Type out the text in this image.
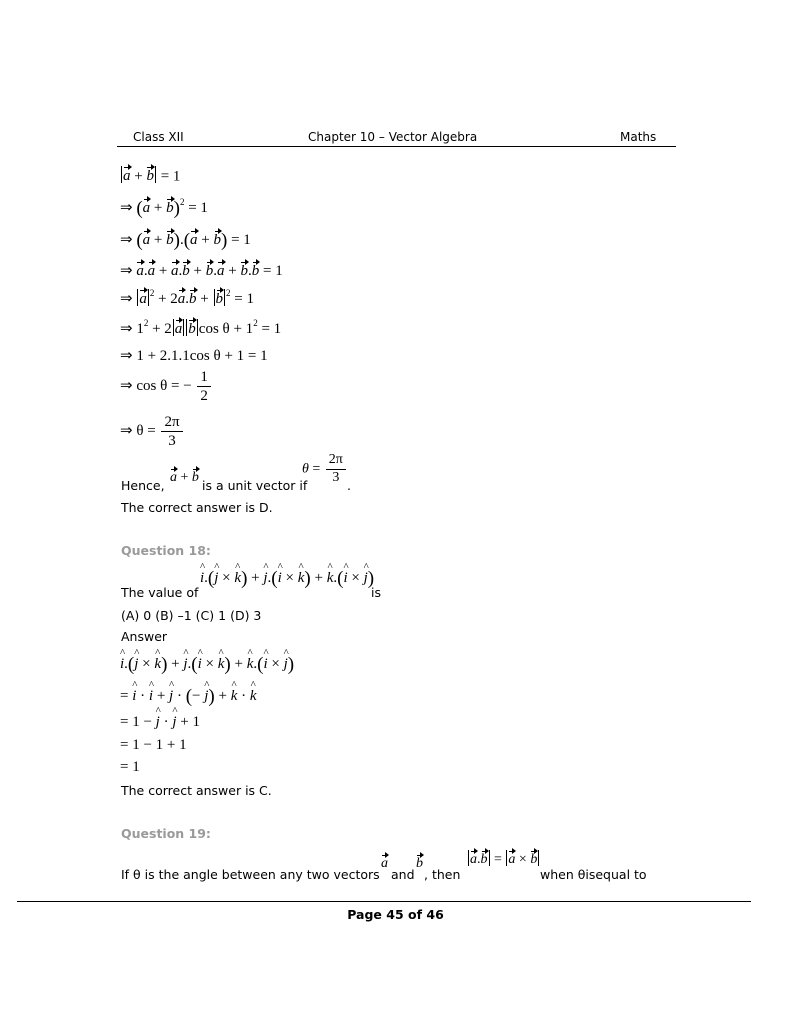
Class XII	Chapter 10 – Vector Algebra	Maths
a + b = 1
⇒ $(a + b)^2 = 1$
⇒ (a + b).(a + b) = 1
⇒ a.a + a.b + b.a + b.b = 1
⇒ a $^2$ + 2a.b + b $^2$ = 1
⇒ $1^2 + 2$ a b $\cos \theta + 1^2 = 1$
⇒ 1 + 2.1.1cos θ + 1 = 1
⇒ cos θ = − $\frac{1}{2}$
⇒ $\theta = \frac{2\pi}{3}$
Hence,
a + b
is a unit vector if
$\theta = \frac{2\pi}{3}$ .
The correct answer is D.
Question 18:
The value of
^ i.(^ j × ^ k) + ^ j.(^ i × ^ k) + ^ k.(^ i × ^ j)
is
(A) 0 (B) –1 (C) 1 (D) 3
Answer
^ i.(^ j × ^ k) + ^ j.(^ i × ^ k) + ^ k.(^ i × ^ j)
= ^ i · ^ i + ^ j · (− ^ j) + ^ k · ^ k
= 1 − ^ j · ^ j + 1
= 1 − 1 + 1
= 1
The correct answer is C.
Question 19:
If θ is the angle between any two vectors
a
and
b
, then
a.b = a × b
when θisequal to
Page 45 of 46
